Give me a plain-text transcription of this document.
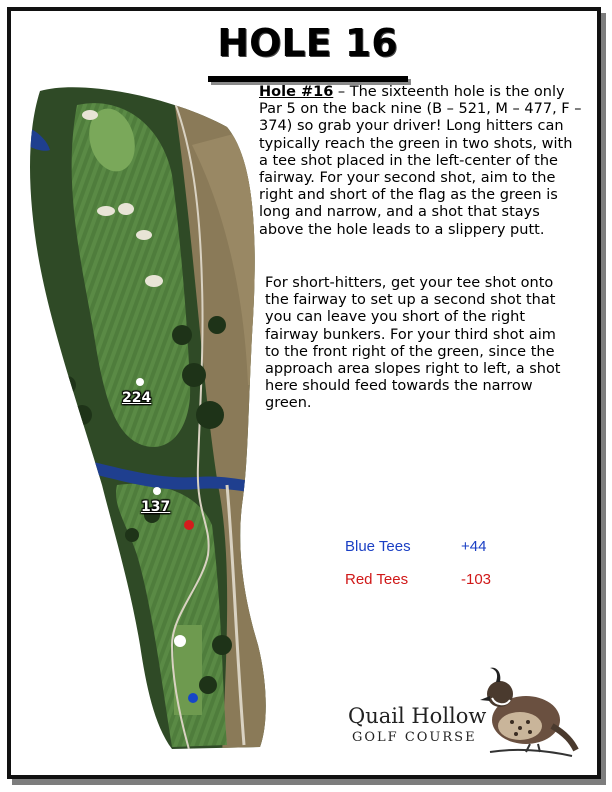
HOLE 16
224
137

Hole #16 – The sixteenth hole is the only Par 5 on the back nine (B – 521, M – 477, F – 374) so grab your driver! Long hitters can typically reach the green in two shots, with a tee shot placed in the left-center of the fairway. For your second shot, aim to the right and short of the flag as the green is long and narrow, and a shot that stays above the hole leads to a slippery putt.

For short-hitters, get your tee shot onto the fairway to set up a second shot that you can leave you short of the right fairway bunkers. For your third shot aim to the front right of the green, since the approach area slopes right to left, a shot here should feed towards the narrow green.

Blue Tees	+44
Red Tees	-103
Quail Hollow
GOLF COURSE
